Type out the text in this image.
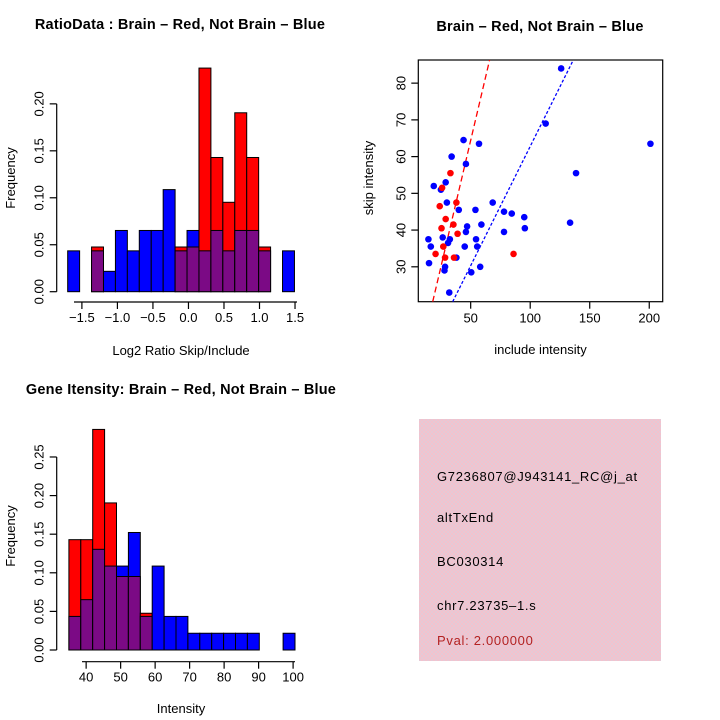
−1.5 −1.0 −0.5 0.0 0.5 1.0 1.5
0.00
0.05
0.10
0.15
0.20
RatioData : Brain – Red, Not Brain – Blue
Log2 Ratio Skip/Include
Frequency
50	100	150	200
30
40
50
60
70
80
Brain – Red, Not Brain – Blue
include intensity
skip intensity
40 50 60 70 80 90 100
0.00
0.05
0.10
0.15
0.20
0.25
Gene Itensity: Brain – Red, Not Brain – Blue
Intensity
Frequency
G7236807@J943141_RC@j_at
altTxEnd
BC030314
chr7.23735–1.s
Pval: 2.000000
